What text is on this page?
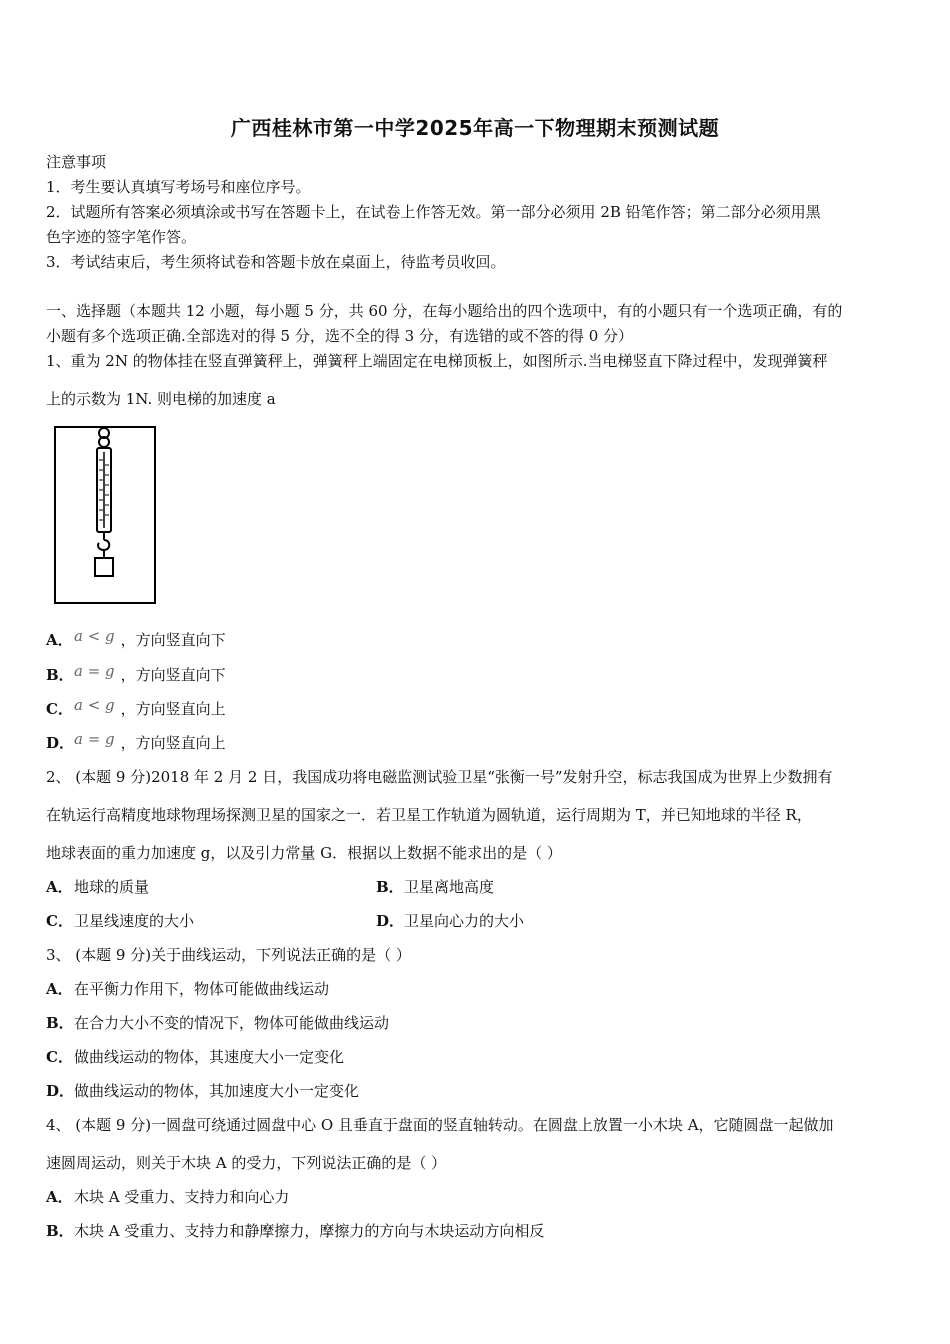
广西桂林市第一中学2025年高一下物理期末预测试题
注意事项
1．考生要认真填写考场号和座位序号。
2．试题所有答案必须填涂或书写在答题卡上，在试卷上作答无效。第一部分必须用 2B 铅笔作答；第二部分必须用黑
色字迹的签字笔作答。
3．考试结束后，考生须将试卷和答题卡放在桌面上，待监考员收回。
一、选择题（本题共 12 小题，每小题 5 分，共 60 分，在每小题给出的四个选项中，有的小题只有一个选项正确，有的
小题有多个选项正确.全部选对的得 5 分，选不全的得 3 分，有选错的或不答的得 0 分）
1、重为 2N 的物体挂在竖直弹簧秤上，弹簧秤上端固定在电梯顶板上，如图所示.当电梯竖直下降过程中，发现弹簧秤
上的示数为 1N. 则电梯的加速度 a
A．a < g ，方向竖直向下
B．a = g ，方向竖直向下
C．a < g ，方向竖直向上
D．a = g ，方向竖直向上
2、 (本题 9 分)2018 年 2 月 2 日，我国成功将电磁监测试验卫星“张衡一号”发射升空，标志我国成为世界上少数拥有
在轨运行高精度地球物理场探测卫星的国家之一．若卫星工作轨道为圆轨道，运行周期为 T，并已知地球的半径 R，
地球表面的重力加速度 g，以及引力常量 G．根据以上数据不能求出的是（ ）
A．地球的质量	B．卫星离地高度
C．卫星线速度的大小	D．卫星向心力的大小
3、 (本题 9 分)关于曲线运动，下列说法正确的是（ ）
A．在平衡力作用下，物体可能做曲线运动
B．在合力大小不变的情况下，物体可能做曲线运动
C．做曲线运动的物体，其速度大小一定变化
D．做曲线运动的物体，其加速度大小一定变化
4、 (本题 9 分)一圆盘可绕通过圆盘中心 O 且垂直于盘面的竖直轴转动。在圆盘上放置一小木块 A，它随圆盘一起做加
速圆周运动，则关于木块 A 的受力，下列说法正确的是（ ）
A．木块 A 受重力、支持力和向心力
B．木块 A 受重力、支持力和静摩擦力，摩擦力的方向与木块运动方向相反
